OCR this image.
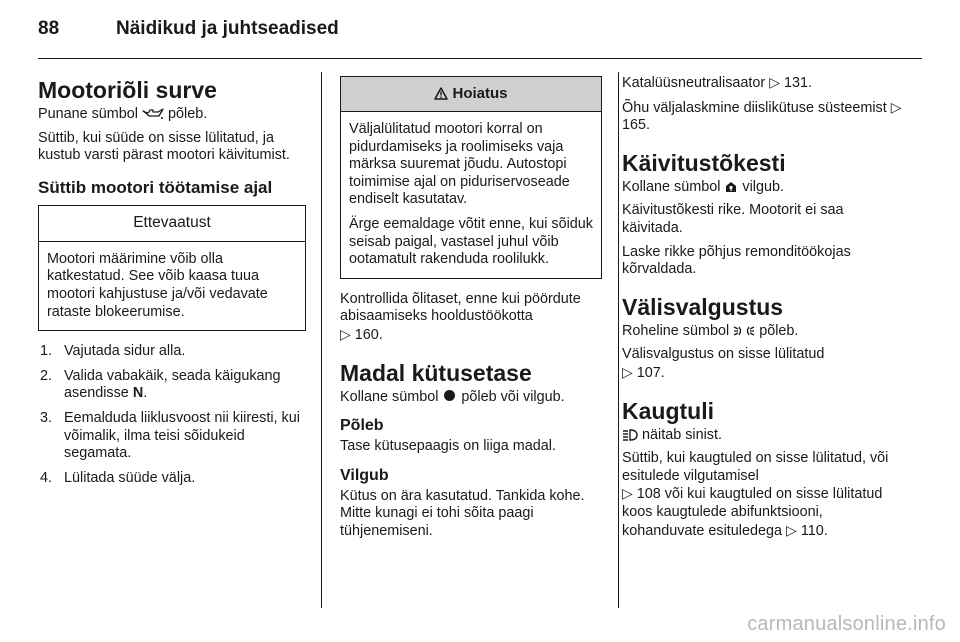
88	Näidikud ja juhtseadised
Mootoriõli surve

Punane sümbol põleb.

Süttib, kui süüde on sisse lülitatud, ja kustub varsti pärast mootori käivitumist.

Süttib mootori töötamise ajal
Ettevaatust

Mootori määrimine võib olla katkestatud. See võib kaasa tuua mootori kahjustuse ja/või vedavate rataste blokeerumise.

1. Vajutada sidur alla.
2. Valida vabakäik, seada käigukang asendisse N.
3. Eemalduda liiklusvoost nii kiiresti, kui võimalik, ilma teisi sõidukeid segamata.
4. Lülitada süüde välja.
Hoiatus

Väljalülitatud mootori korral on pidurdamiseks ja roolimiseks vaja märksa suuremat jõudu. Autostopi toimimise ajal on piduriservoseade endiselt kasutatav.

Ärge eemaldage võtit enne, kui sõiduk seisab paigal, vastasel juhul võib ootamatult rakenduda roolilukk.

Kontrollida õlitaset, enne kui pöördute abisaamiseks hooldustöökotta
▷ 160.

Madal kütusetase

Kollane sümbol põleb või vilgub.

Põleb

Tase kütusepaagis on liiga madal.

Vilgub

Kütus on ära kasutatud. Tankida kohe. Mitte kunagi ei tohi sõita paagi tühjenemiseni.

Katalüüsneutralisaator ▷ 131.

Õhu väljalaskmine diislikütuse süsteemist ▷ 165.

Käivitustõkesti

Kollane sümbol vilgub.

Käivitustõkesti rike. Mootorit ei saa käivitada.

Laske rikke põhjus remonditöökojas kõrvaldada.

Välisvalgustus

Roheline sümbol põleb.

Välisvalgustus on sisse lülitatud
▷ 107.

Kaugtuli

näitab sinist.

Süttib, kui kaugtuled on sisse lülitatud, või esitulede vilgutamisel
▷ 108 või kui kaugtuled on sisse lülitatud koos kaugtulede abifunktsiooni, kohanduvate esituledega ▷ 110.

carmanualsonline.info
